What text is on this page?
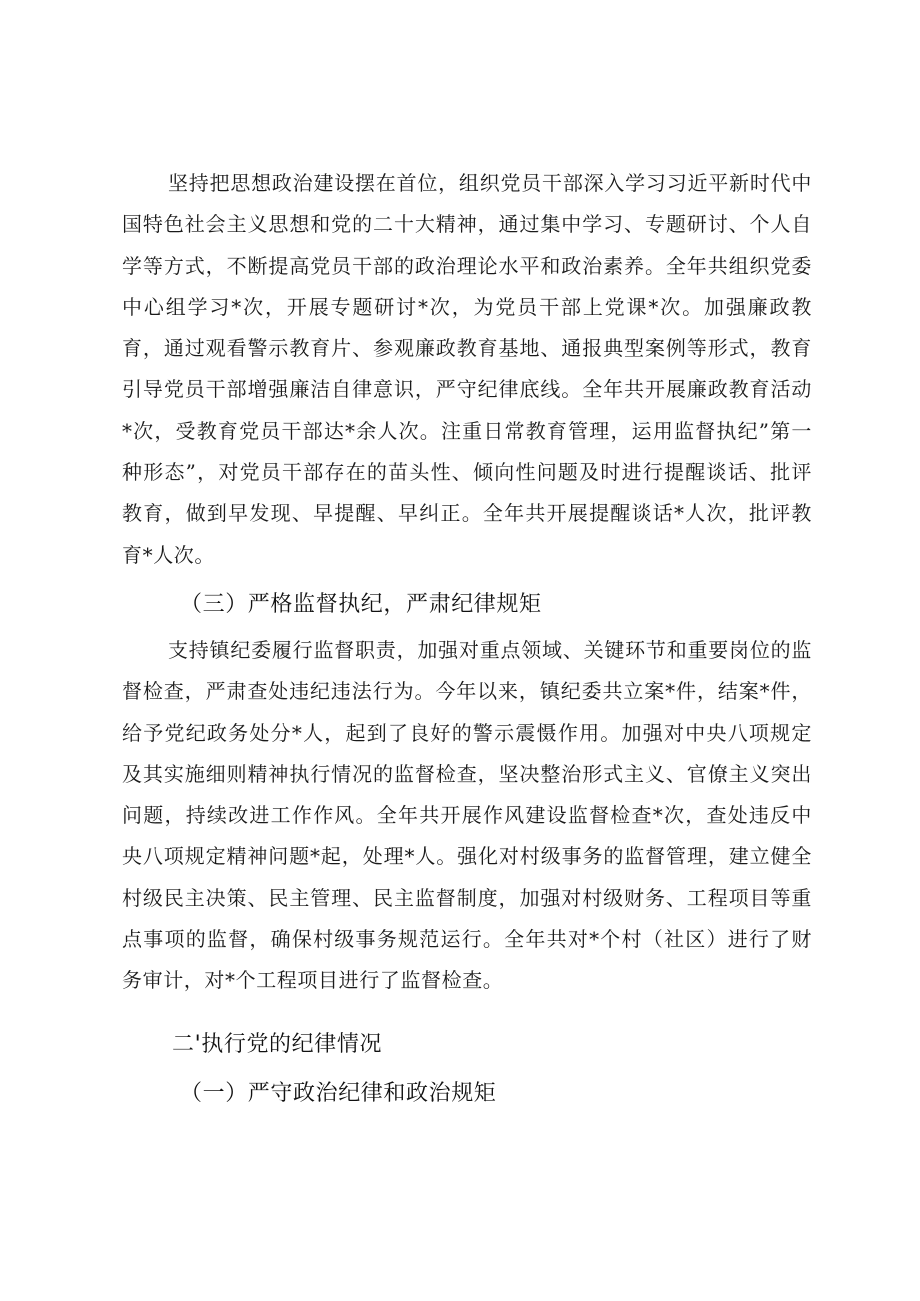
坚持把思想政治建设摆在首位，组织党员干部深入学习习近平新时代中国特色社会主义思想和党的二十大精神，通过集中学习、专题研讨、个人自学等方式，不断提高党员干部的政治理论水平和政治素养。全年共组织党委中心组学习*次，开展专题研讨*次，为党员干部上党课*次。加强廉政教育，通过观看警示教育片、参观廉政教育基地、通报典型案例等形式，教育引导党员干部增强廉洁自律意识，严守纪律底线。全年共开展廉政教育活动*次，受教育党员干部达*余人次。注重日常教育管理，运用监督执纪”第一种形态”，对党员干部存在的苗头性、倾向性问题及时进行提醒谈话、批评教育，做到早发现、早提醒、早纠正。全年共开展提醒谈话*人次，批评教育*人次。

（三）严格监督执纪，严肃纪律规矩

支持镇纪委履行监督职责，加强对重点领域、关键环节和重要岗位的监督检查，严肃查处违纪违法行为。今年以来，镇纪委共立案*件，结案*件，给予党纪政务处分*人，起到了良好的警示震慑作用。加强对中央八项规定及其实施细则精神执行情况的监督检查，坚决整治形式主义、官僚主义突出问题，持续改进工作作风。全年共开展作风建设监督检查*次，查处违反中央八项规定精神问题*起，处理*人。强化对村级事务的监督管理，建立健全村级民主决策、民主管理、民主监督制度，加强对村级财务、工程项目等重点事项的监督，确保村级事务规范运行。全年共对*个村（社区）进行了财务审计，对*个工程项目进行了监督检查。

二'执行党的纪律情况

（一）严守政治纪律和政治规矩
